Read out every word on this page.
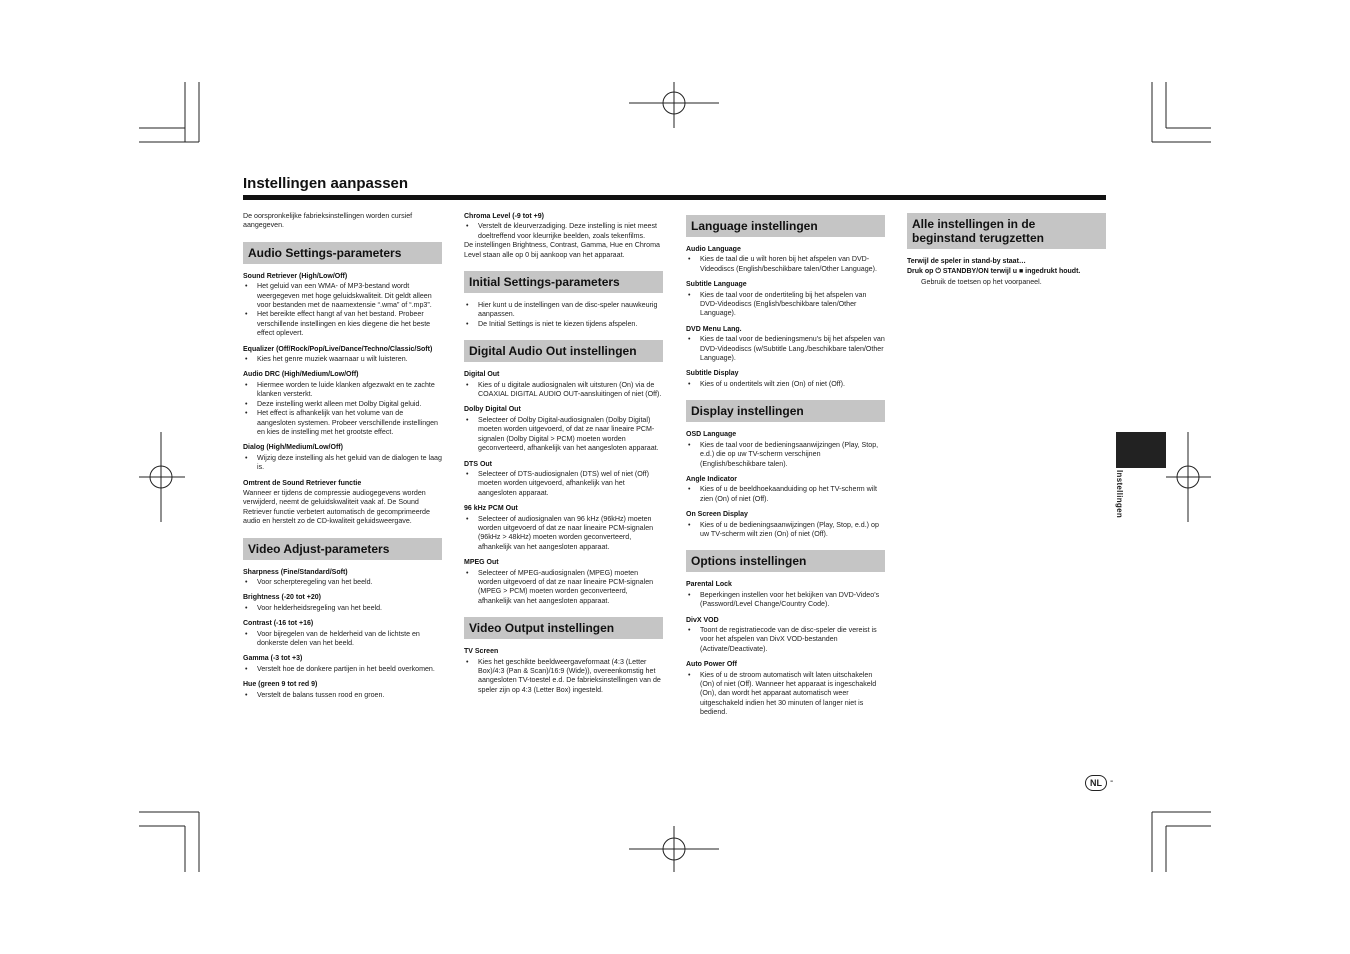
Instellingen aanpassen

De oorspronkelijke fabrieksinstellingen worden cursief aangegeven.

Audio Settings-parameters
Sound Retriever (High/Low/Off)
• Het geluid van een WMA- of MP3-bestand wordt weergegeven met hoge geluidskwaliteit. Dit geldt alleen voor bestanden met de naamextensie “.wma” of “.mp3”.
• Het bereikte effect hangt af van het bestand. Probeer verschillende instellingen en kies diegene die het beste effect oplevert.
Equalizer (Off/Rock/Pop/Live/Dance/Techno/Classic/Soft)
• Kies het genre muziek waarnaar u wilt luisteren.
Audio DRC (High/Medium/Low/Off)
• Hiermee worden te luide klanken afgezwakt en te zachte klanken versterkt.
• Deze instelling werkt alleen met Dolby Digital geluid.
• Het effect is afhankelijk van het volume van de aangesloten systemen. Probeer verschillende instellingen en kies de instelling met het grootste effect.
Dialog (High/Medium/Low/Off)
• Wijzig deze instelling als het geluid van de dialogen te laag is.
Omtrent de Sound Retriever functie

Wanneer er tijdens de compressie audiogegevens worden verwijderd, neemt de geluidskwaliteit vaak af. De Sound Retriever functie verbetert automatisch de gecomprimeerde audio en herstelt zo de CD-kwaliteit geluidsweergave.

Video Adjust-parameters
Sharpness (Fine/Standard/Soft)
• Voor scherpteregeling van het beeld.
Brightness (-20 tot +20)
• Voor helderheidsregeling van het beeld.
Contrast (-16 tot +16)
• Voor bijregelen van de helderheid van de lichtste en donkerste delen van het beeld.
Gamma (-3 tot +3)
• Verstelt hoe de donkere partijen in het beeld overkomen.
Hue (green 9 tot red 9)
• Verstelt de balans tussen rood en groen.
Chroma Level (-9 tot +9)
• Verstelt de kleurverzadiging. Deze instelling is niet meest doeltreffend voor kleurrijke beelden, zoals tekenfilms.

De instellingen Brightness, Contrast, Gamma, Hue en Chroma Level staan alle op 0 bij aankoop van het apparaat.

Initial Settings-parameters
• Hier kunt u de instellingen van de disc-speler nauwkeurig aanpassen.
• De Initial Settings is niet te kiezen tijdens afspelen.
Digital Audio Out instellingen
Digital Out
• Kies of u digitale audiosignalen wilt uitsturen (On) via de COAXIAL DIGITAL AUDIO OUT-aansluitingen of niet (Off).
Dolby Digital Out
• Selecteer of Dolby Digital-audiosignalen (Dolby Digital) moeten worden uitgevoerd, of dat ze naar lineaire PCM-signalen (Dolby Digital > PCM) moeten worden geconverteerd, afhankelijk van het aangesloten apparaat.
DTS Out
• Selecteer of DTS-audiosignalen (DTS) wel of niet (Off) moeten worden uitgevoerd, afhankelijk van het aangesloten apparaat.
96 kHz PCM Out
• Selecteer of audiosignalen van 96 kHz (96kHz) moeten worden uitgevoerd of dat ze naar lineaire PCM-signalen (96kHz > 48kHz) moeten worden geconverteerd, afhankelijk van het aangesloten apparaat.
MPEG Out
• Selecteer of MPEG-audiosignalen (MPEG) moeten worden uitgevoerd of dat ze naar lineaire PCM-signalen (MPEG > PCM) moeten worden geconverteerd, afhankelijk van het aangesloten apparaat.
Video Output instellingen
TV Screen
• Kies het geschikte beeldweergaveformaat (4:3 (Letter Box)/4:3 (Pan & Scan)/16:9 (Wide)), overeenkomstig het aangesloten TV-toestel e.d. De fabrieksinstellingen van de speler zijn op 4:3 (Letter Box) ingesteld.
Language instellingen
Audio Language
• Kies de taal die u wilt horen bij het afspelen van DVD-Videodiscs (English/beschikbare talen/Other Language).
Subtitle Language
• Kies de taal voor de ondertiteling bij het afspelen van DVD-Videodiscs (English/beschikbare talen/Other Language).
DVD Menu Lang.
• Kies de taal voor de bedieningsmenu’s bij het afspelen van DVD-Videodiscs (w/Subtitle Lang./beschikbare talen/Other Language).
Subtitle Display
• Kies of u ondertitels wilt zien (On) of niet (Off).
Display instellingen
OSD Language
• Kies de taal voor de bedieningsaanwijzingen (Play, Stop, e.d.) die op uw TV-scherm verschijnen (English/beschikbare talen).
Angle Indicator
• Kies of u de beeldhoekaanduiding op het TV-scherm wilt zien (On) of niet (Off).
On Screen Display
• Kies of u de bedieningsaanwijzingen (Play, Stop, e.d.) op uw TV-scherm wilt zien (On) of niet (Off).
Options instellingen
Parental Lock
• Beperkingen instellen voor het bekijken van DVD-Video’s (Password/Level Change/Country Code).
DivX VOD
• Toont de registratiecode van de disc-speler die vereist is voor het afspelen van DivX VOD-bestanden (Activate/Deactivate).
Auto Power Off
• Kies of u de stroom automatisch wilt laten uitschakelen (On) of niet (Off). Wanneer het apparaat is ingeschakeld (On), dan wordt het apparaat automatisch weer uitgeschakeld indien het 30 minuten of langer niet is bediend.
Alle instellingen in de beginstand terugzetten
Terwijl de speler in stand-by staat…
Druk op ⏻ STANDBY/ON terwijl u ■ ingedrukt houdt.

Gebruik de toetsen op het voorpaneel.

Instellingen
NL -
